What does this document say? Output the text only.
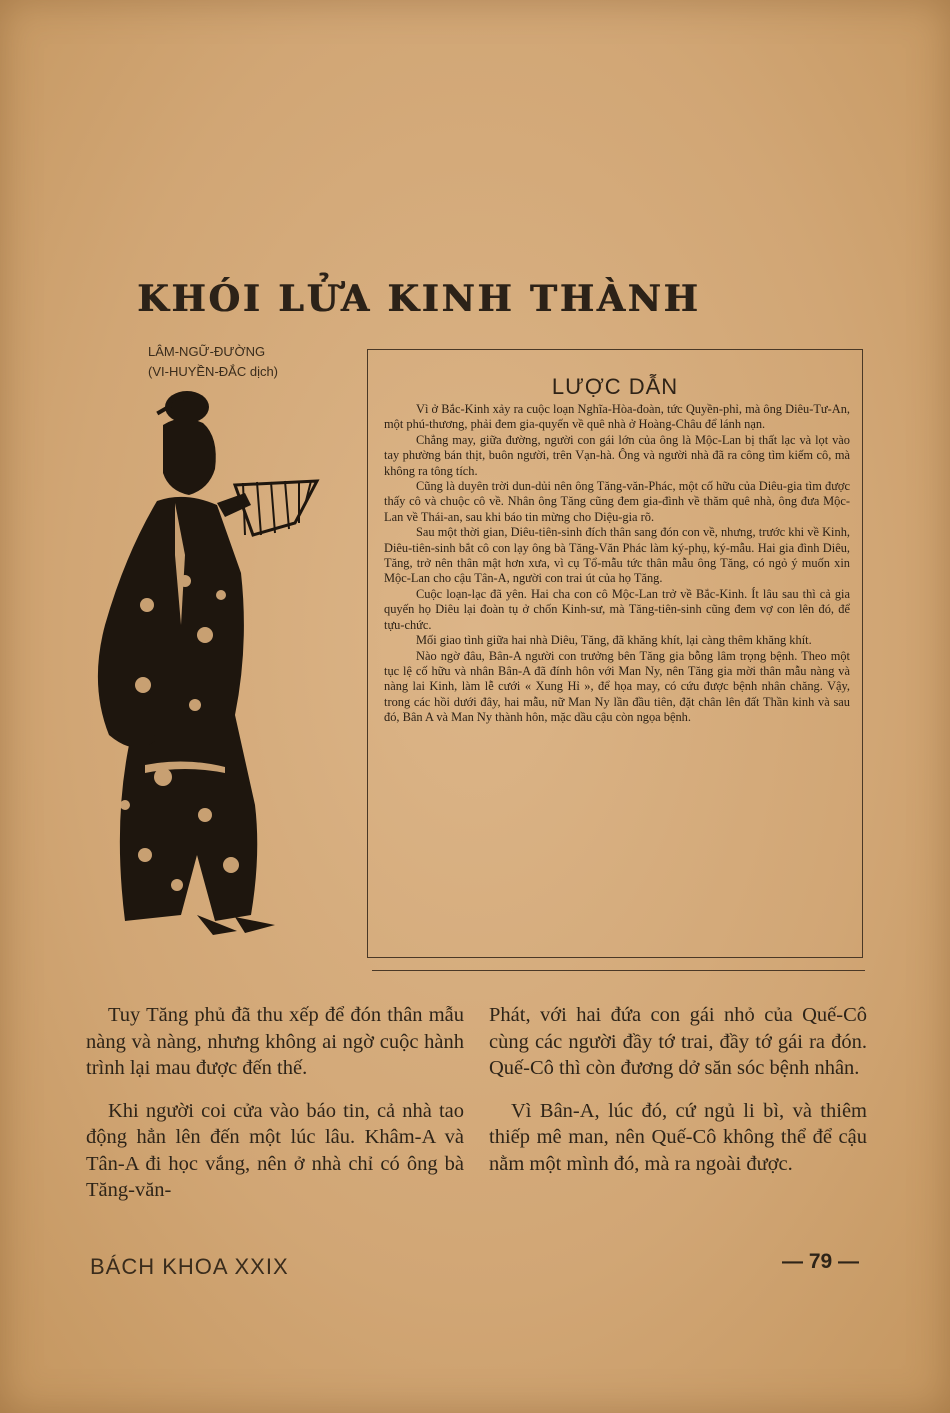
KHÓI LỬA KINH THÀNH
LÂM-NGỮ-ĐƯỜNG
(VI-HUYỀN-ĐẮC dịch)
LƯỢC DẪN

Vì ở Bắc-Kinh xảy ra cuộc loạn Nghĩa-Hòa-đoàn, tức Quyền-phỉ, mà ông Diêu-Tư-An, một phú-thương, phải đem gia-quyến về quê nhà ở Hoàng-Châu để lánh nạn.

Chẳng may, giữa đường, người con gái lớn của ông là Mộc-Lan bị thất lạc và lọt vào tay phường bán thịt, buôn người, trên Vạn-hà. Ông và người nhà đã ra công tìm kiếm cô, mà không ra tông tích.

Cũng là duyên trời dun-dủi nên ông Tăng-văn-Phác, một cố hữu của Diêu-gia tìm được thấy cô và chuộc cô về. Nhân ông Tăng cũng đem gia-đình về thăm quê nhà, ông đưa Mộc-Lan về Thái-an, sau khi báo tin mừng cho Diệu-gia rõ.

Sau một thời gian, Diêu-tiên-sinh đích thân sang đón con về, nhưng, trước khi về Kinh, Diêu-tiên-sinh bắt cô con lạy ông bà Tăng-Văn Phác làm ký-phụ, ký-mẫu. Hai gia đình Diêu, Tăng, trở nên thân mật hơn xưa, vì cụ Tổ-mẫu tức thân mẫu ông Tăng, có ngỏ ý muốn xin Mộc-Lan cho cậu Tân-A, người con trai út của họ Tăng.

Cuộc loạn-lạc đã yên. Hai cha con cô Mộc-Lan trở về Bắc-Kinh. Ít lâu sau thì cả gia quyến họ Diêu lại đoàn tụ ở chốn Kinh-sư, mà Tăng-tiên-sinh cũng đem vợ con lên đó, để tựu-chức.

Mối giao tình giữa hai nhà Diêu, Tăng, đã khăng khít, lại càng thêm khăng khít.

Nào ngờ đâu, Bân-A người con trưởng bên Tăng gia bỗng lâm trọng bệnh. Theo một tục lệ cố hữu và nhân Bân-A đã đính hôn với Man Ny, nên Tăng gia mời thân mẫu nàng và nàng lai Kinh, làm lễ cưới « Xung Hỉ », để họa may, có cứu được bệnh nhân chăng. Vậy, trong các hồi dưới đây, hai mẫu, nữ Man Ny lần đầu tiên, đặt chân lên đất Thần kinh và sau đó, Bân A và Man Ny thành hôn, mặc dầu cậu còn ngọa bệnh.

Tuy Tăng phủ đã thu xếp để đón thân mẫu nàng và nàng, nhưng không ai ngờ cuộc hành trình lại mau được đến thế.

Khi người coi cửa vào báo tin, cả nhà tao động hẳn lên đến một lúc lâu. Khâm-A và Tân-A đi học vắng, nên ở nhà chỉ có ông bà Tăng-văn-

Phát, với hai đứa con gái nhỏ của Quế-Cô cùng các người đầy tớ trai, đầy tớ gái ra đón. Quế-Cô thì còn đương dở săn sóc bệnh nhân.

Vì Bân-A, lúc đó, cứ ngủ li bì, và thiêm thiếp mê man, nên Quế-Cô không thể để cậu nằm một mình đó, mà ra ngoài được.

BÁCH KHOA XXIX	— 79 —
